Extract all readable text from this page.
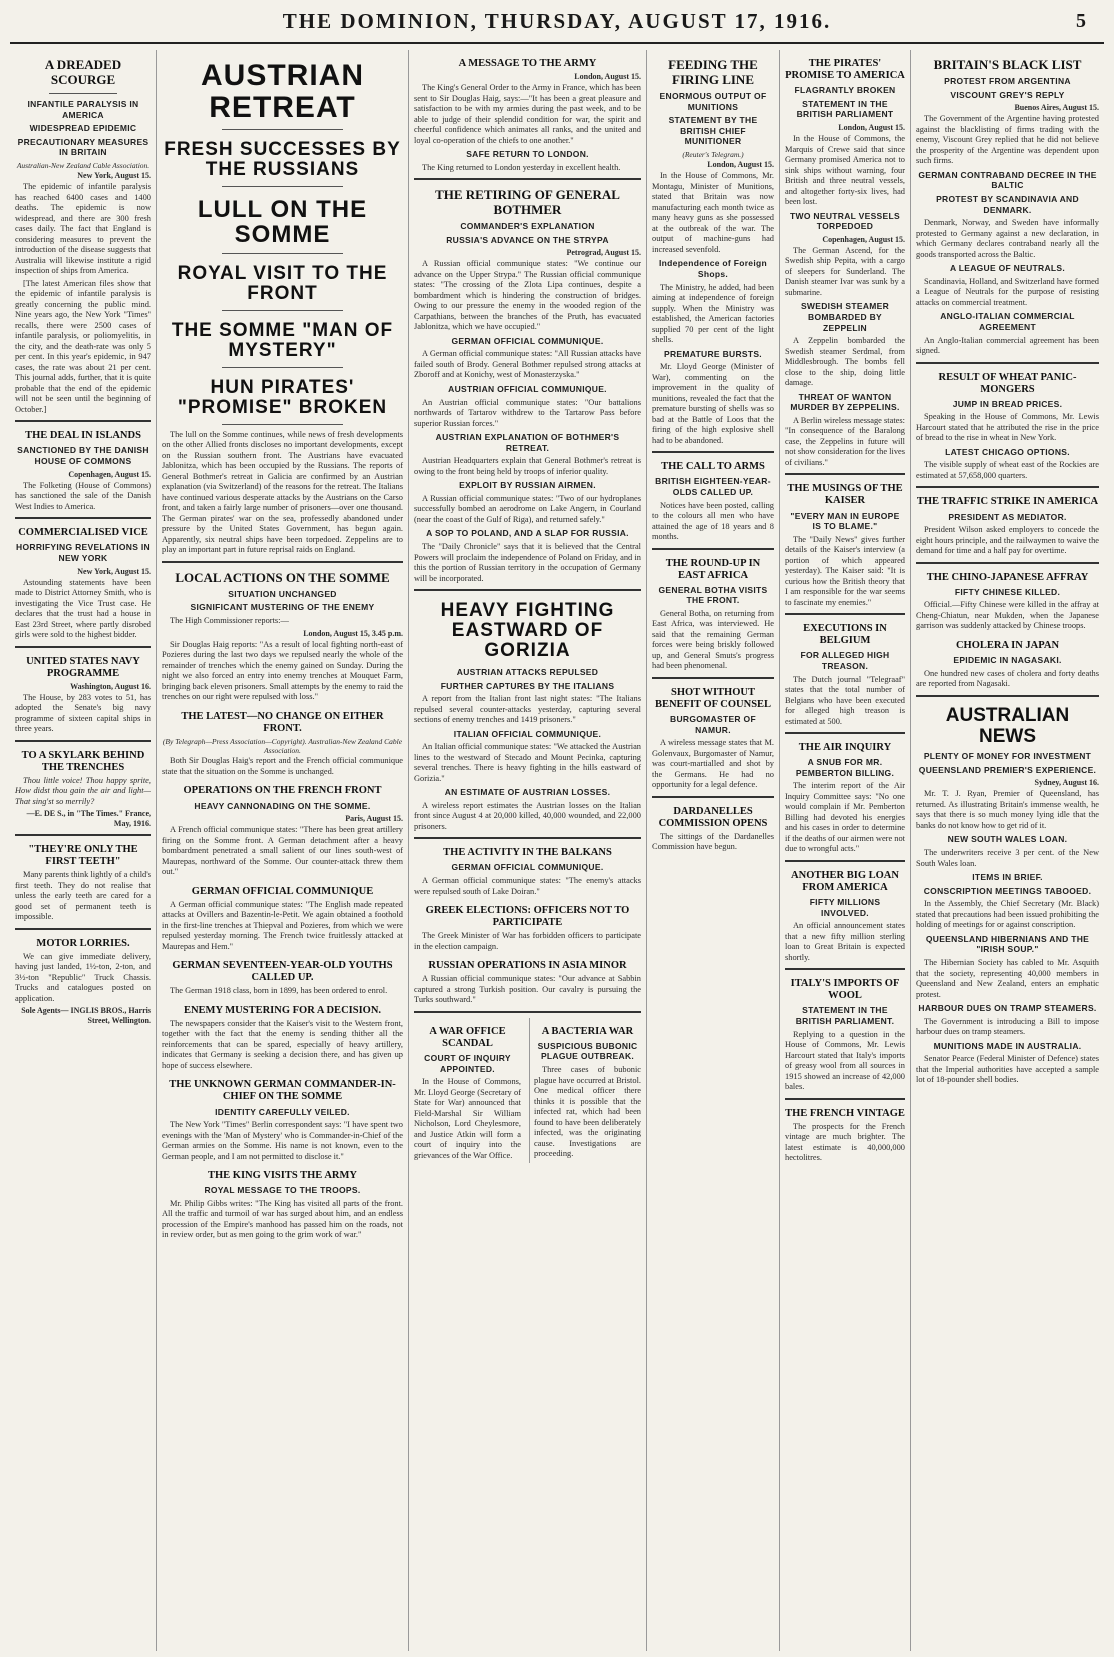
THE DOMINION, THURSDAY, AUGUST 17, 1916.	5
A DREADED SCOURGE
INFANTILE PARALYSIS IN AMERICA
WIDESPREAD EPIDEMIC
PRECAUTIONARY MEASURES IN BRITAIN
Australian-New Zealand Cable Association.
New York, August 15.

The epidemic of infantile paralysis has reached 6400 cases and 1400 deaths. The epidemic is now widespread, and there are 300 fresh cases daily. The fact that England is considering measures to prevent the introduction of the disease suggests that Australia will likewise institute a rigid inspection of ships from America.

[The latest American files show that the epidemic of infantile paralysis is greatly concerning the public mind. Nine years ago, the New York "Times" recalls, there were 2500 cases of infantile paralysis, or poliomyelitis, in the city, and the death-rate was only 5 per cent. In this year's epidemic, in 947 cases, the rate was about 21 per cent. This journal adds, further, that it is quite probable that the end of the epidemic will not be seen until the beginning of October.]

THE DEAL IN ISLANDS
SANCTIONED BY THE DANISH HOUSE OF COMMONS
Copenhagen, August 15.

The Folketing (House of Commons) has sanctioned the sale of the Danish West Indies to America.

COMMERCIALISED VICE
HORRIFYING REVELATIONS IN NEW YORK
New York, August 15.

Astounding statements have been made to District Attorney Smith, who is investigating the Vice Trust case. He declares that the trust had a house in East 23rd Street, where partly disrobed girls were sold to the highest bidder.

UNITED STATES NAVY PROGRAMME
Washington, August 16.

The House, by 283 votes to 51, has adopted the Senate's big navy programme of sixteen capital ships in three years.

TO A SKYLARK BEHIND THE TRENCHES

Thou little voice! Thou happy sprite, How didst thou gain the air and light— That sing'st so merrily?

—E. DE S., in "The Times." France, May, 1916.
"THEY'RE ONLY THE FIRST TEETH"

Many parents think lightly of a child's first teeth. They do not realise that unless the early teeth are cared for a good set of permanent teeth is impossible.

MOTOR LORRIES.

We can give immediate delivery, having just landed, 1½-ton, 2-ton, and 3½-ton "Republic" Truck Chassis. Trucks and catalogues posted on application.

Sole Agents— INGLIS BROS., Harris Street, Wellington.
AUSTRIAN RETREAT
FRESH SUCCESSES BY THE RUSSIANS
LULL ON THE SOMME
ROYAL VISIT TO THE FRONT
THE SOMME "MAN OF MYSTERY"
HUN PIRATES' "PROMISE" BROKEN

The lull on the Somme continues, while news of fresh developments on the other Allied fronts discloses no important developments, except on the Russian southern front. The Austrians have evacuated Jablonitza, which has been occupied by the Russians. The reports of General Bothmer's retreat in Galicia are confirmed by an Austrian explanation (via Switzerland) of the reasons for the retreat. The Italians have continued various desperate attacks by the Austrians on the Carso front, and taken a fairly large number of prisoners—over one thousand. The German pirates' war on the sea, professedly abandoned under pressure by the United States Government, has begun again. Apparently, six neutral ships have been torpedoed. Zeppelins are to play an important part in future reprisal raids on England.

LOCAL ACTIONS ON THE SOMME
SITUATION UNCHANGED
SIGNIFICANT MUSTERING OF THE ENEMY

The High Commissioner reports:—

London, August 15, 3.45 p.m.

Sir Douglas Haig reports: "As a result of local fighting north-east of Pozieres during the last two days we repulsed nearly the whole of the remainder of trenches which the enemy gained on Sunday. During the night we also forced an entry into enemy trenches at Mouquet Farm, bringing back eleven prisoners. Small attempts by the enemy to raid the trenches on our right were repulsed with loss."

THE LATEST—NO CHANGE ON EITHER FRONT.
(By Telegraph—Press Association—Copyright). Australian-New Zealand Cable Association.

Both Sir Douglas Haig's report and the French official communique state that the situation on the Somme is unchanged.

OPERATIONS ON THE FRENCH FRONT
HEAVY CANNONADING ON THE SOMME.
Paris, August 15.

A French official communique states: "There has been great artillery firing on the Somme front. A German detachment after a heavy bombardment penetrated a small salient of our lines south-west of Maurepas, northward of the Somme. Our counter-attack threw them out."

GERMAN OFFICIAL COMMUNIQUE

A German official communique states: "The English made repeated attacks at Ovillers and Bazentin-le-Petit. We again obtained a foothold in the first-line trenches at Thiepval and Pozieres, from which we were repulsed yesterday morning. The French twice fruitlessly attacked at Maurepas and Hem."

GERMAN SEVENTEEN-YEAR-OLD YOUTHS CALLED UP.

The German 1918 class, born in 1899, has been ordered to enrol.

ENEMY MUSTERING FOR A DECISION.

The newspapers consider that the Kaiser's visit to the Western front, together with the fact that the enemy is sending thither all the reinforcements that can be spared, especially of heavy artillery, indicates that Germany is seeking a decision there, and has given up hope of success elsewhere.

THE UNKNOWN GERMAN COMMANDER-IN-CHIEF ON THE SOMME
IDENTITY CAREFULLY VEILED.

The New York "Times" Berlin correspondent says: "I have spent two evenings with the 'Man of Mystery' who is Commander-in-Chief of the German armies on the Somme. His name is not known, even to the German people, and I am not permitted to disclose it."

THE KING VISITS THE ARMY
ROYAL MESSAGE TO THE TROOPS.

Mr. Philip Gibbs writes: "The King has visited all parts of the front. All the traffic and turmoil of war has surged about him, and an endless procession of the Empire's manhood has passed him on the roads, not in review order, but as men going to the grim work of war."

A MESSAGE TO THE ARMY
London, August 15.

The King's General Order to the Army in France, which has been sent to Sir Douglas Haig, says:—"It has been a great pleasure and satisfaction to be with my armies during the past week, and to be able to judge of their splendid condition for war, the spirit and cheerful confidence which animates all ranks, and the united and loyal co-operation of the chiefs to one another."

SAFE RETURN TO LONDON.

The King returned to London yesterday in excellent health.

THE RETIRING OF GENERAL BOTHMER
COMMANDER'S EXPLANATION
RUSSIA'S ADVANCE ON THE STRYPA
Petrograd, August 15.

A Russian official communique states: "We continue our advance on the Upper Strypa." The Russian official communique states: "The crossing of the Zlota Lipa continues, despite a bombardment which is hindering the construction of bridges. Owing to our pressure the enemy in the wooded region of the Carpathians, between the branches of the Pruth, has evacuated Jablonitza, which we have occupied."

GERMAN OFFICIAL COMMUNIQUE.

A German official communique states: "All Russian attacks have failed south of Brody. General Bothmer repulsed strong attacks at Zboroff and at Konichy, west of Monasterzyska."

AUSTRIAN OFFICIAL COMMUNIQUE.

An Austrian official communique states: "Our battalions northwards of Tartarov withdrew to the Tartarow Pass before superior Russian forces."

AUSTRIAN EXPLANATION OF BOTHMER'S RETREAT.

Austrian Headquarters explain that General Bothmer's retreat is owing to the front being held by troops of inferior quality.

EXPLOIT BY RUSSIAN AIRMEN.

A Russian official communique states: "Two of our hydroplanes successfully bombed an aerodrome on Lake Angern, in Courland (near the coast of the Gulf of Riga), and returned safely."

A SOP TO POLAND, AND A SLAP FOR RUSSIA.

The "Daily Chronicle" says that it is believed that the Central Powers will proclaim the independence of Poland on Friday, and in this the portion of Russian territory in the occupation of Germany will be incorporated.

HEAVY FIGHTING EASTWARD OF GORIZIA
AUSTRIAN ATTACKS REPULSED
FURTHER CAPTURES BY THE ITALIANS

A report from the Italian front last night states: "The Italians repulsed several counter-attacks yesterday, capturing several sections of enemy trenches and 1419 prisoners."

ITALIAN OFFICIAL COMMUNIQUE.

An Italian official communique states: "We attacked the Austrian lines to the westward of Stecado and Mount Pecinka, capturing several trenches. There is heavy fighting in the hills eastward of Gorizia."

AN ESTIMATE OF AUSTRIAN LOSSES.

A wireless report estimates the Austrian losses on the Italian front since August 4 at 20,000 killed, 40,000 wounded, and 22,000 prisoners.

THE ACTIVITY IN THE BALKANS
GERMAN OFFICIAL COMMUNIQUE.

A German official communique states: "The enemy's attacks were repulsed south of Lake Doiran."

GREEK ELECTIONS: OFFICERS NOT TO PARTICIPATE

The Greek Minister of War has forbidden officers to participate in the election campaign.

RUSSIAN OPERATIONS IN ASIA MINOR

A Russian official communique states: "Our advance at Sabbin captured a strong Turkish position. Our cavalry is pursuing the Turks southward."

A WAR OFFICE SCANDAL
COURT OF INQUIRY APPOINTED.

In the House of Commons, Mr. Lloyd George (Secretary of State for War) announced that Field-Marshal Sir William Nicholson, Lord Cheylesmore, and Justice Atkin will form a court of inquiry into the grievances of the War Office.

A BACTERIA WAR
SUSPICIOUS BUBONIC PLAGUE OUTBREAK.

Three cases of bubonic plague have occurred at Bristol. One medical officer there thinks it is possible that the infected rat, which had been found to have been deliberately infected, was the originating cause. Investigations are proceeding.

FEEDING THE FIRING LINE
ENORMOUS OUTPUT OF MUNITIONS
STATEMENT BY THE BRITISH CHIEF MUNITIONER
(Reuter's Telegram.)
London, August 15.

In the House of Commons, Mr. Montagu, Minister of Munitions, stated that Britain was now manufacturing each month twice as many heavy guns as she possessed at the outbreak of the war. The output of machine-guns had increased sevenfold.

Independence of Foreign Shops.

The Ministry, he added, had been aiming at independence of foreign supply. When the Ministry was established, the American factories supplied 70 per cent of the light shells.

PREMATURE BURSTS.

Mr. Lloyd George (Minister of War), commenting on the improvement in the quality of munitions, revealed the fact that the premature bursting of shells was so bad at the Battle of Loos that the firing of the high explosive shell had to be abandoned.

THE CALL TO ARMS
BRITISH EIGHTEEN-YEAR-OLDS CALLED UP.

Notices have been posted, calling to the colours all men who have attained the age of 18 years and 8 months.

THE ROUND-UP IN EAST AFRICA
GENERAL BOTHA VISITS THE FRONT.

General Botha, on returning from East Africa, was interviewed. He said that the remaining German forces were being briskly followed up, and General Smuts's progress had been phenomenal.

SHOT WITHOUT BENEFIT OF COUNSEL
BURGOMASTER OF NAMUR.

A wireless message states that M. Golenvaux, Burgomaster of Namur, was court-martialled and shot by the Germans. He had no opportunity for a legal defence.

DARDANELLES COMMISSION OPENS

The sittings of the Dardanelles Commission have begun.

THE PIRATES' PROMISE TO AMERICA
FLAGRANTLY BROKEN
STATEMENT IN THE BRITISH PARLIAMENT
London, August 15.

In the House of Commons, the Marquis of Crewe said that since Germany promised America not to sink ships without warning, four British and three neutral vessels, and altogether forty-six lives, had been lost.

TWO NEUTRAL VESSELS TORPEDOED
Copenhagen, August 15.

The German Ascend, for the Swedish ship Pepita, with a cargo of sleepers for Sunderland. The Danish steamer Ivar was sunk by a submarine.

SWEDISH STEAMER BOMBARDED BY ZEPPELIN

A Zeppelin bombarded the Swedish steamer Serdmal, from Middlesbrough. The bombs fell close to the ship, doing little damage.

THREAT OF WANTON MURDER BY ZEPPELINS.

A Berlin wireless message states: "In consequence of the Baralong case, the Zeppelins in future will not show consideration for the lives of civilians."

THE MUSINGS OF THE KAISER
"EVERY MAN IN EUROPE IS TO BLAME."

The "Daily News" gives further details of the Kaiser's interview (a portion of which appeared yesterday). The Kaiser said: "It is curious how the British theory that I am responsible for the war seems to fascinate my enemies."

EXECUTIONS IN BELGIUM
FOR ALLEGED HIGH TREASON.

The Dutch journal "Telegraaf" states that the total number of Belgians who have been executed for alleged high treason is estimated at 500.

THE AIR INQUIRY
A SNUB FOR MR. PEMBERTON BILLING.

The interim report of the Air Inquiry Committee says: "No one would complain if Mr. Pemberton Billing had devoted his energies and his cases in order to determine if the deaths of our airmen were not due to wrongful acts."

ANOTHER BIG LOAN FROM AMERICA
FIFTY MILLIONS INVOLVED.

An official announcement states that a new fifty million sterling loan to Great Britain is expected shortly.

ITALY'S IMPORTS OF WOOL
STATEMENT IN THE BRITISH PARLIAMENT.

Replying to a question in the House of Commons, Mr. Lewis Harcourt stated that Italy's imports of greasy wool from all sources in 1915 showed an increase of 42,000 bales.

THE FRENCH VINTAGE

The prospects for the French vintage are much brighter. The latest estimate is 40,000,000 hectolitres.

BRITAIN'S BLACK LIST
PROTEST FROM ARGENTINA
VISCOUNT GREY'S REPLY
Buenos Aires, August 15.

The Government of the Argentine having protested against the blacklisting of firms trading with the enemy, Viscount Grey replied that he did not believe the prosperity of the Argentine was dependent upon such firms.

GERMAN CONTRABAND DECREE IN THE BALTIC
PROTEST BY SCANDINAVIA AND DENMARK.

Denmark, Norway, and Sweden have informally protested to Germany against a new declaration, in which Germany declares contraband nearly all the goods transported across the Baltic.

A LEAGUE OF NEUTRALS.

Scandinavia, Holland, and Switzerland have formed a League of Neutrals for the purpose of resisting attacks on commercial treatment.

ANGLO-ITALIAN COMMERCIAL AGREEMENT

An Anglo-Italian commercial agreement has been signed.

RESULT OF WHEAT PANIC-MONGERS
JUMP IN BREAD PRICES.

Speaking in the House of Commons, Mr. Lewis Harcourt stated that he attributed the rise in the price of bread to the rise in wheat in New York.

LATEST CHICAGO OPTIONS.

The visible supply of wheat east of the Rockies are estimated at 57,658,000 quarters.

THE TRAFFIC STRIKE IN AMERICA
PRESIDENT AS MEDIATOR.

President Wilson asked employers to concede the eight hours principle, and the railwaymen to waive the demand for time and a half pay for overtime.

THE CHINO-JAPANESE AFFRAY
FIFTY CHINESE KILLED.

Official.—Fifty Chinese were killed in the affray at Cheng-Chiatun, near Mukden, when the Japanese garrison was suddenly attacked by Chinese troops.

CHOLERA IN JAPAN
EPIDEMIC IN NAGASAKI.

One hundred new cases of cholera and forty deaths are reported from Nagasaki.

AUSTRALIAN NEWS
PLENTY OF MONEY FOR INVESTMENT
QUEENSLAND PREMIER'S EXPERIENCE.
Sydney, August 16.

Mr. T. J. Ryan, Premier of Queensland, has returned. As illustrating Britain's immense wealth, he says that there is so much money lying idle that the banks do not know how to get rid of it.

NEW SOUTH WALES LOAN.

The underwriters receive 3 per cent. of the New South Wales loan.

ITEMS IN BRIEF.
CONSCRIPTION MEETINGS TABOOED.

In the Assembly, the Chief Secretary (Mr. Black) stated that precautions had been issued prohibiting the holding of meetings for or against conscription.

QUEENSLAND HIBERNIANS AND THE "IRISH SOUP."

The Hibernian Society has cabled to Mr. Asquith that the society, representing 40,000 members in Queensland and New Zealand, enters an emphatic protest.

HARBOUR DUES ON TRAMP STEAMERS.

The Government is introducing a Bill to impose harbour dues on tramp steamers.

MUNITIONS MADE IN AUSTRALIA.

Senator Pearce (Federal Minister of Defence) states that the Imperial authorities have accepted a sample lot of 18-pounder shell bodies.
